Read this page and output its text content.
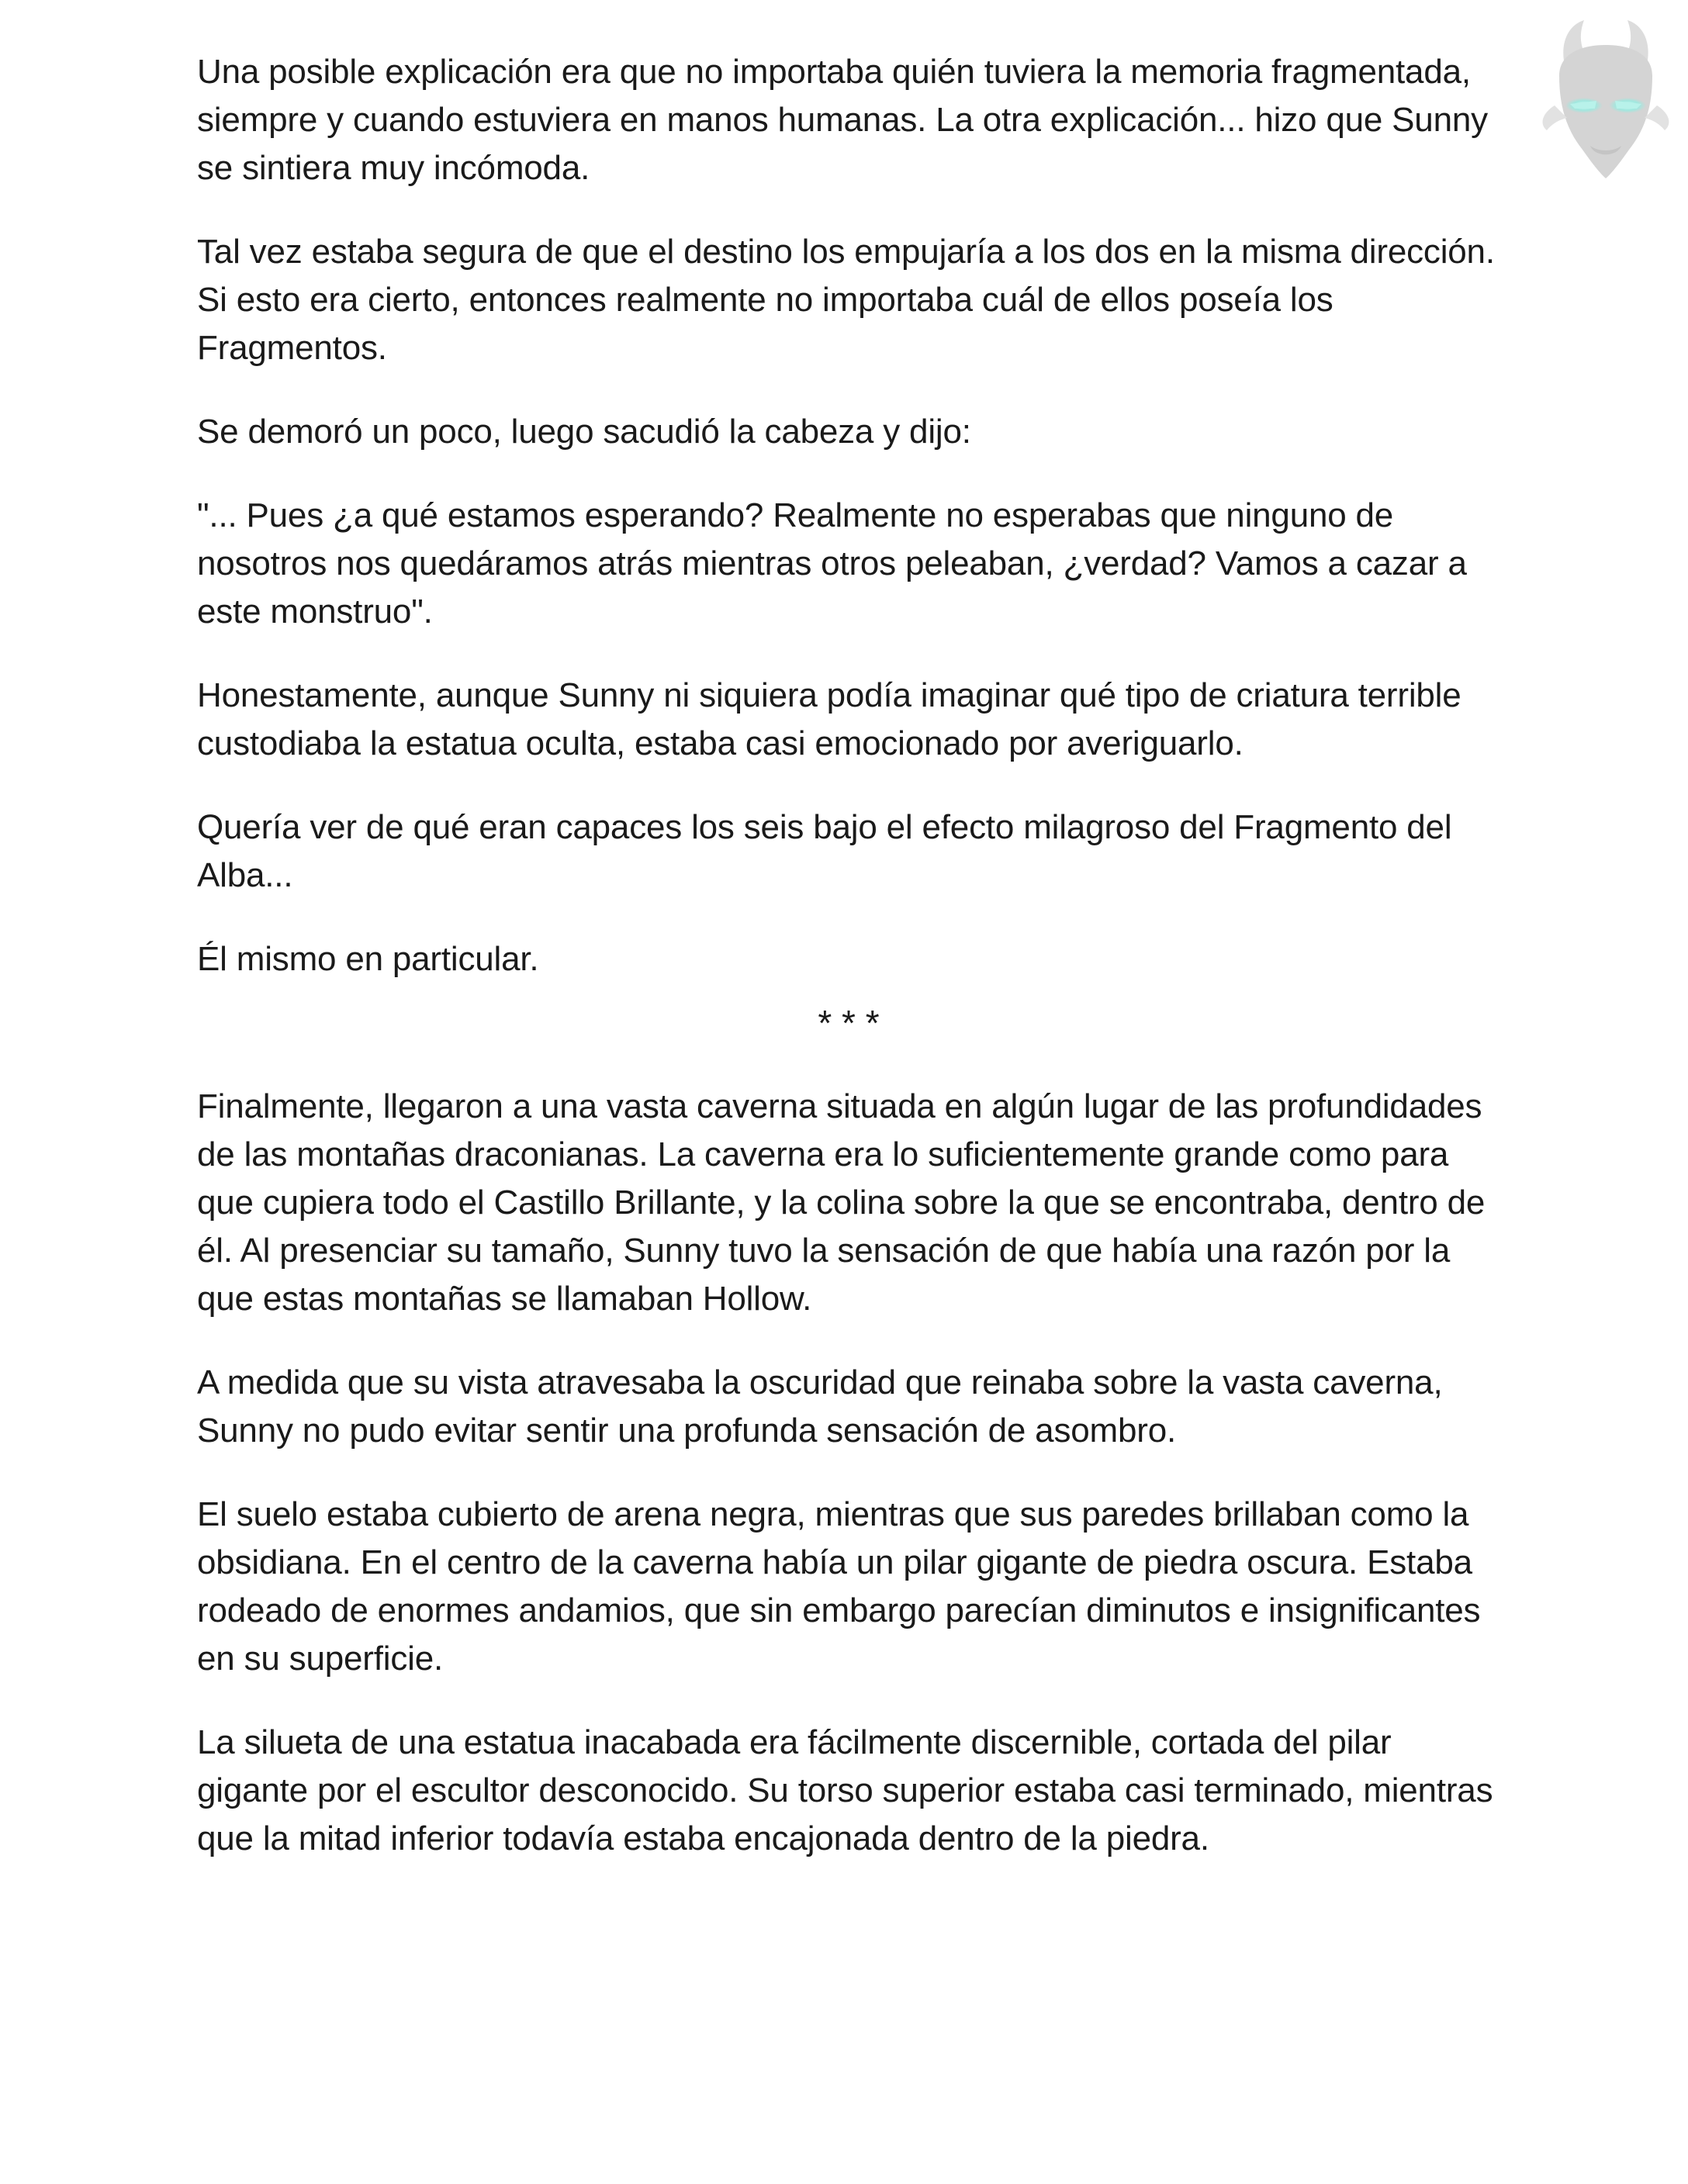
Una posible explicación era que no importaba quién tuviera la memoria fragmentada, siempre y cuando estuviera en manos humanas. La otra explicación... hizo que Sunny se sintiera muy incómoda.

Tal vez estaba segura de que el destino los empujaría a los dos en la misma dirección. Si esto era cierto, entonces realmente no importaba cuál de ellos poseía los Fragmentos.

Se demoró un poco, luego sacudió la cabeza y dijo:

"... Pues ¿a qué estamos esperando? Realmente no esperabas que ninguno de nosotros nos quedáramos atrás mientras otros peleaban, ¿verdad? Vamos a cazar a este monstruo".

Honestamente, aunque Sunny ni siquiera podía imaginar qué tipo de criatura terrible custodiaba la estatua oculta, estaba casi emocionado por averiguarlo.

Quería ver de qué eran capaces los seis bajo el efecto milagroso del Fragmento del Alba...

Él mismo en particular.

* * *

Finalmente, llegaron a una vasta caverna situada en algún lugar de las profundidades de las montañas draconianas. La caverna era lo suficientemente grande como para que cupiera todo el Castillo Brillante, y la colina sobre la que se encontraba, dentro de él. Al presenciar su tamaño, Sunny tuvo la sensación de que había una razón por la que estas montañas se llamaban Hollow.

A medida que su vista atravesaba la oscuridad que reinaba sobre la vasta caverna, Sunny no pudo evitar sentir una profunda sensación de asombro.

El suelo estaba cubierto de arena negra, mientras que sus paredes brillaban como la obsidiana. En el centro de la caverna había un pilar gigante de piedra oscura. Estaba rodeado de enormes andamios, que sin embargo parecían diminutos e insignificantes en su superficie.

La silueta de una estatua inacabada era fácilmente discernible, cortada del pilar gigante por el escultor desconocido. Su torso superior estaba casi terminado, mientras que la mitad inferior todavía estaba encajonada dentro de la piedra.
